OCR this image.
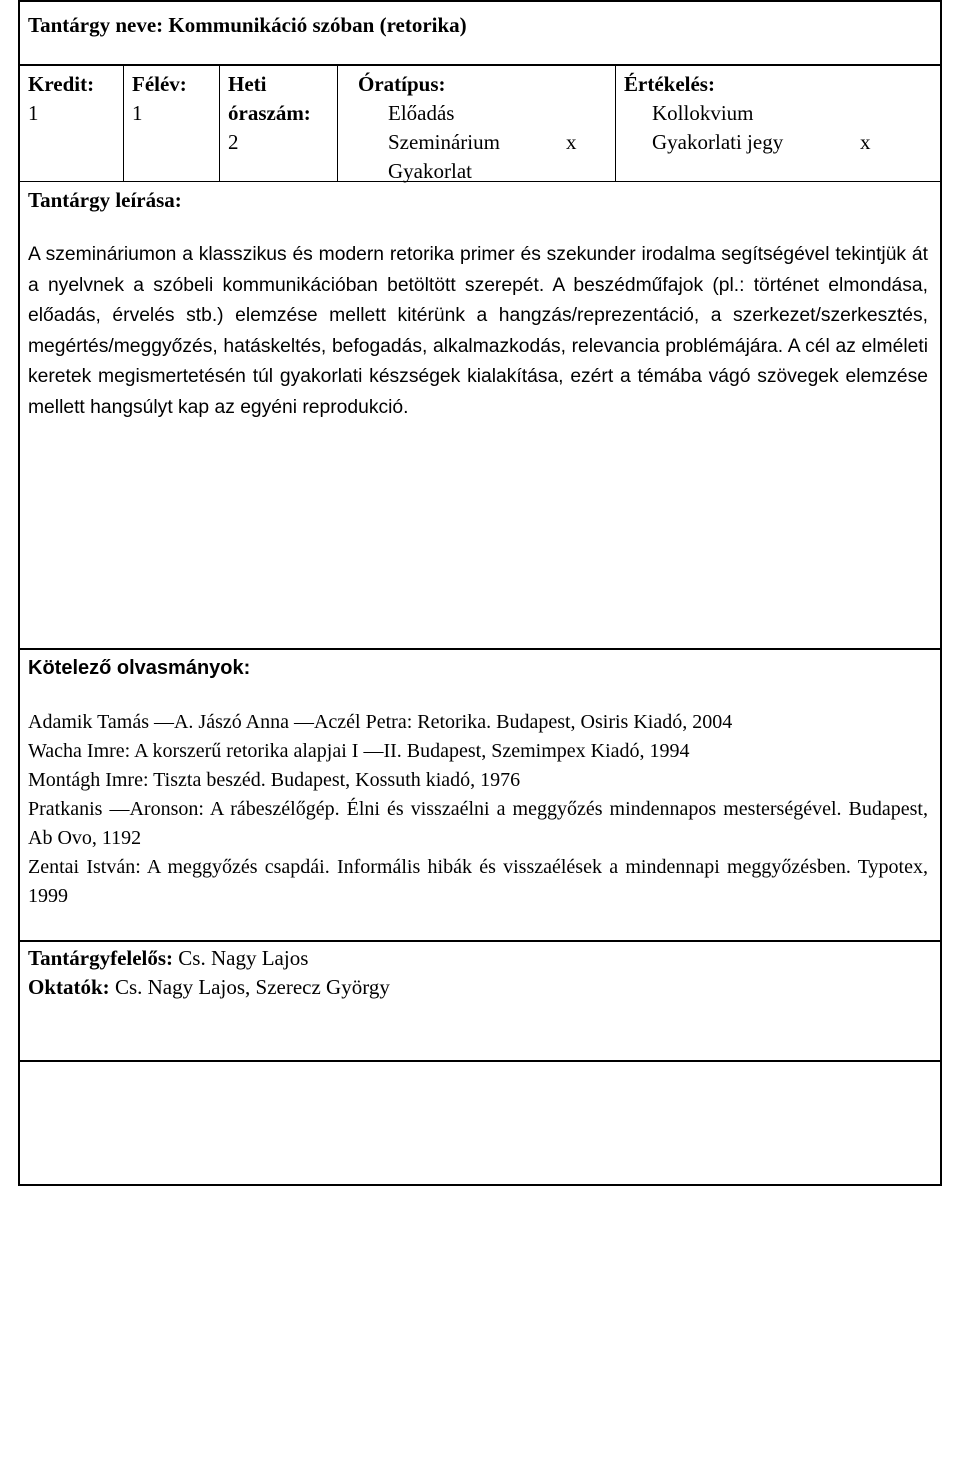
Tantárgy neve: Kommunikáció szóban (retorika)
Kredit:
1
Félév:
1
Heti
óraszám:
2
Óratípus:
Előadás
Szeminárium	x
Gyakorlat
Értékelés:
Kollokvium
Gyakorlati jegy	x
Tantárgy leírása:
A szemináriumon a klasszikus és modern retorika primer és szekunder irodalma segítségével tekintjük át a nyelvnek a szóbeli kommunikációban betöltött szerepét. A beszédműfajok (pl.: történet elmondása, előadás, érvelés stb.) elemzése mellett kitérünk a hangzás/reprezentáció, a szerkezet/szerkesztés, megértés/meggyőzés, hatáskeltés, befogadás, alkalmazkodás, relevancia problémájára. A cél az elméleti keretek megismertetésén túl gyakorlati készségek kialakítása, ezért a témába vágó szövegek elemzése mellett hangsúlyt kap az egyéni reprodukció.
Kötelező olvasmányok:

Adamik Tamás —A. Jászó Anna —Aczél Petra: Retorika. Budapest, Osiris Kiadó, 2004

Wacha Imre: A korszerű retorika alapjai I —II. Budapest, Szemimpex Kiadó, 1994

Montágh Imre: Tiszta beszéd. Budapest, Kossuth kiadó, 1976

Pratkanis —Aronson: A rábeszélőgép. Élni és visszaélni a meggyőzés mindennapos mesterségével. Budapest, Ab Ovo, 1192

Zentai István: A meggyőzés csapdái. Informális hibák és visszaélések a mindennapi meggyőzésben. Typotex, 1999

Tantárgyfelelős: Cs. Nagy Lajos
Oktatók: Cs. Nagy Lajos, Szerecz György
